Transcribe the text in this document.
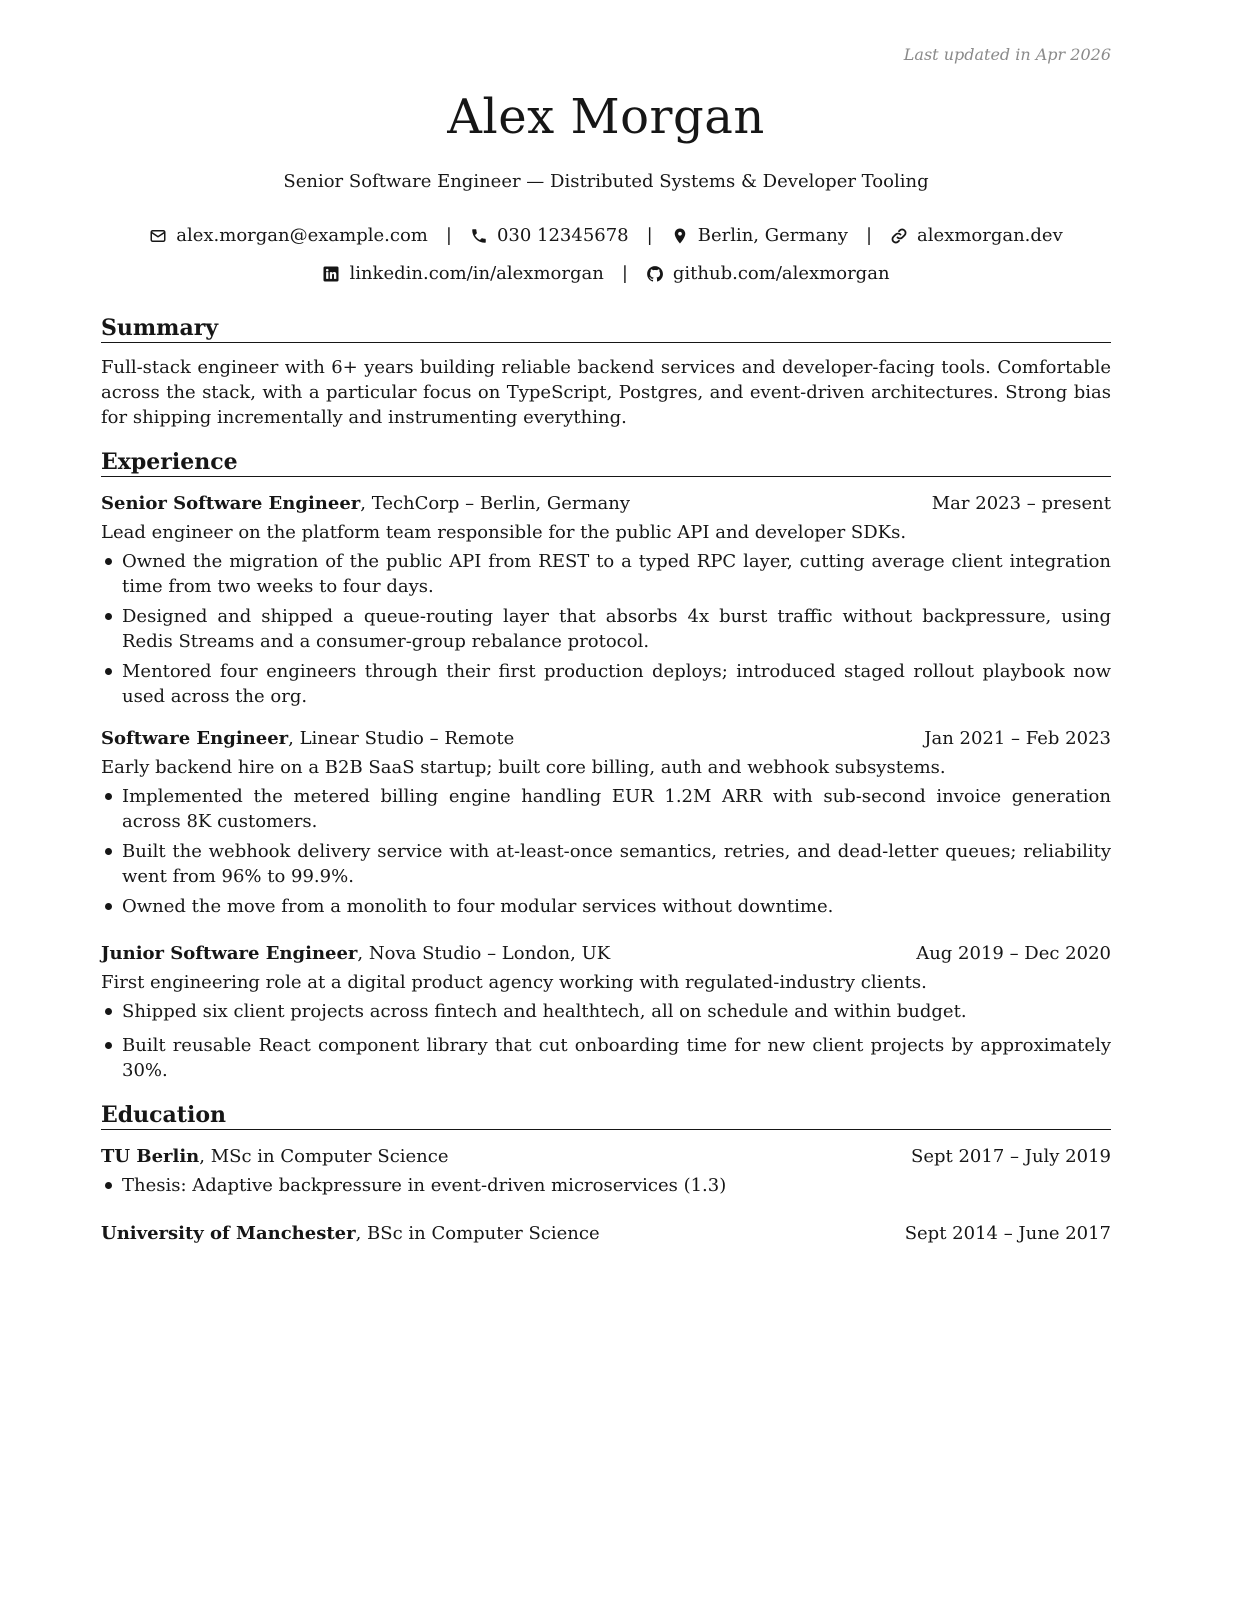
Last updated in Apr 2026
Alex Morgan
Senior Software Engineer — Distributed Systems & Developer Tooling
alex.morgan@example.com |	030 12345678 |	Berlin, Germany |	alexmorgan.dev
linkedin.com/in/alexmorgan |	github.com/alexmorgan
Summary
Full-stack engineer with 6+ years building reliable backend services and developer-facing tools. Comfortable across the stack, with a particular focus on TypeScript, Postgres, and event-driven architectures. Strong bias for shipping incrementally and instrumenting everything.
Experience
Senior Software Engineer, TechCorp – Berlin, Germany	Mar 2023 – present
Lead engineer on the platform team responsible for the public API and developer SDKs.
Owned the migration of the public API from REST to a typed RPC layer, cutting average client integration time from two weeks to four days.
Designed and shipped a queue-routing layer that absorbs 4x burst traffic without backpressure, using Redis Streams and a consumer-group rebalance protocol.
Mentored four engineers through their first production deploys; introduced staged rollout playbook now used across the org.
Software Engineer, Linear Studio – Remote	Jan 2021 – Feb 2023
Early backend hire on a B2B SaaS startup; built core billing, auth and webhook subsystems.
Implemented the metered billing engine handling EUR 1.2M ARR with sub-second invoice generation across 8K customers.
Built the webhook delivery service with at-least-once semantics, retries, and dead-letter queues; reliability went from 96% to 99.9%.
Owned the move from a monolith to four modular services without downtime.
Junior Software Engineer, Nova Studio – London, UK	Aug 2019 – Dec 2020
First engineering role at a digital product agency working with regulated-industry clients.
Shipped six client projects across fintech and healthtech, all on schedule and within budget.
Built reusable React component library that cut onboarding time for new client projects by approximately 30%.
Education
TU Berlin, MSc in Computer Science	Sept 2017 – July 2019
Thesis: Adaptive backpressure in event-driven microservices (1.3)
University of Manchester, BSc in Computer Science	Sept 2014 – June 2017
